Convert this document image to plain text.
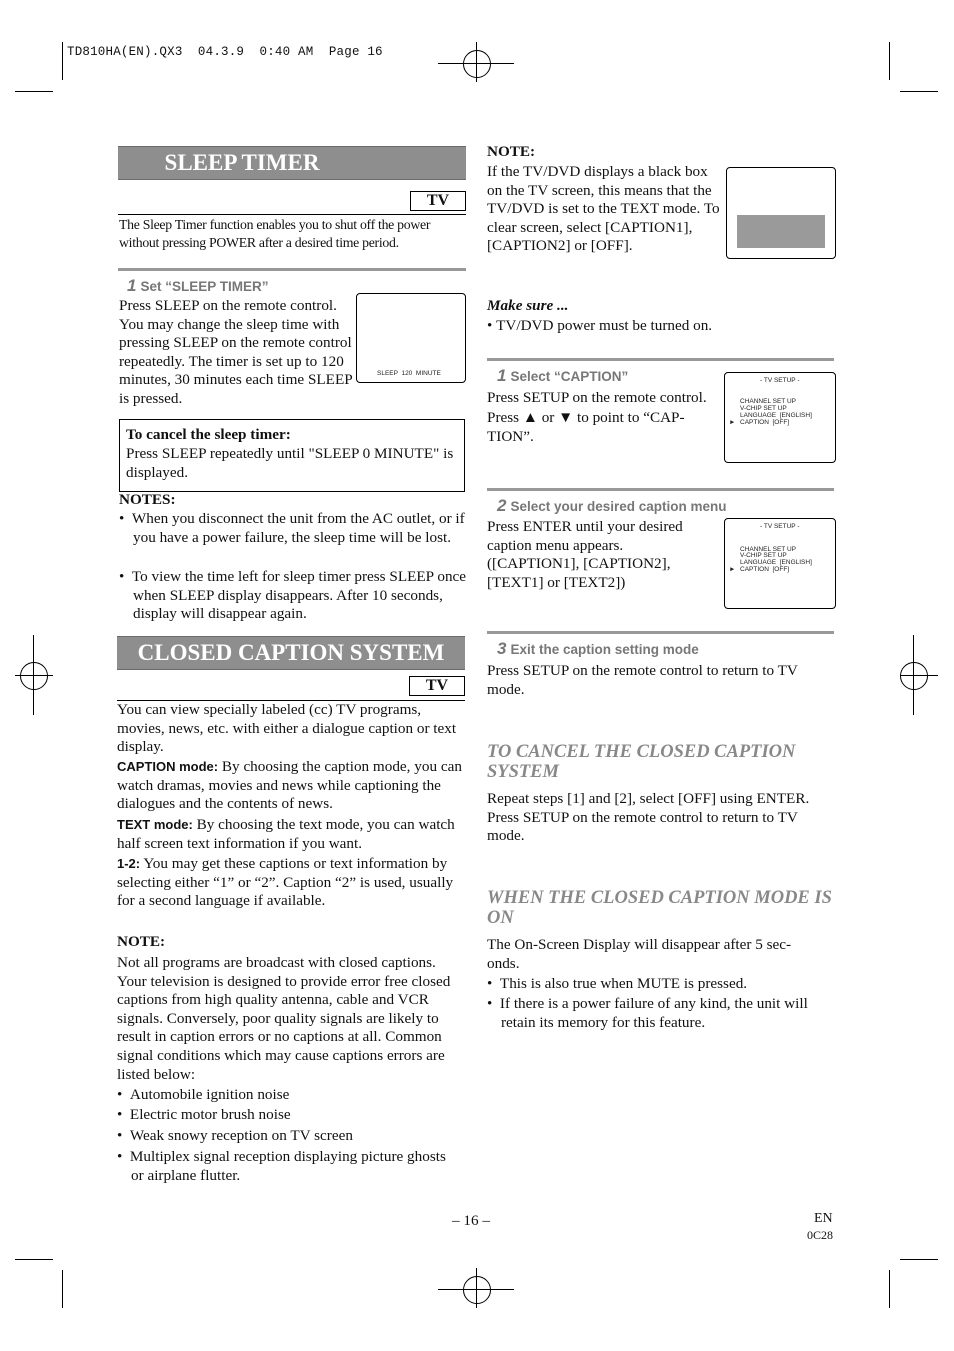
TD810HA(EN).QX3  04.3.9  0:40 AM  Page 16
SLEEP TIMER
TV
The Sleep Timer function enables you to shut off the power without pressing POWER after a desired time period.
1 Set “SLEEP TIMER”
Press SLEEP on the remote control. You may change the sleep time with pressing SLEEP on the remote control repeatedly. The timer is set up to 120 minutes, 30 minutes each time SLEEP is pressed.
SLEEP  120  MINUTE
To cancel the sleep timer:
Press SLEEP repeatedly until "SLEEP 0 MINUTE" is displayed.
NOTES:
•  When you disconnect the unit from the AC outlet, or if you have a power failure, the sleep time will be lost.
•  To view the time left for sleep timer press SLEEP once when SLEEP display disappears. After 10 seconds, display will disappear again.
CLOSED CAPTION SYSTEM
TV
You can view specially labeled (cc) TV programs, movies, news, etc. with either a dialogue caption or text display.
CAPTION mode: By choosing the caption mode, you can watch dramas, movies and news while captioning the dialogues and the contents of news.
TEXT mode: By choosing the text mode, you can watch half screen text information if you want.
1-2: You may get these captions or text information by selecting either “1” or “2”. Caption “2” is used, usually for a second language if available.
NOTE:
Not all programs are broadcast with closed captions. Your television is designed to provide error free closed captions from high quality antenna, cable and VCR signals. Conversely, poor quality signals are likely to result in caption errors or no captions at all. Common signal conditions which may cause captions errors are listed below:
•  Automobile ignition noise
•  Electric motor brush noise
•  Weak snowy reception on TV screen
•  Multiplex signal reception displaying picture ghosts or airplane flutter.
NOTE:
If the TV/DVD displays a black box on the TV screen, this means that the TV/DVD is set to the TEXT mode. To clear screen, select [CAPTION1], [CAPTION2] or [OFF].
Make sure ...
• TV/DVD power must be turned on.
1 Select “CAPTION”
Press SETUP on the remote control.
Press ▲ or ▼ to point to “CAP-TION”.
- TV SETUP -
CHANNEL SET UP
V-CHIP SET UP
LANGUAGE  [ENGLISH]
► CAPTION  [OFF]
2 Select your desired caption menu
Press ENTER until your desired caption menu appears. ([CAPTION1], [CAPTION2], [TEXT1] or [TEXT2])
- TV SETUP -
CHANNEL SET UP
V-CHIP SET UP
LANGUAGE  [ENGLISH]
► CAPTION  [OFF]
3 Exit the caption setting mode
Press SETUP on the remote control to return to TV mode.
TO CANCEL THE CLOSED CAPTION SYSTEM
Repeat steps [1] and [2], select [OFF] using ENTER. Press SETUP on the remote control to return to TV mode.
WHEN THE CLOSED CAPTION MODE IS ON
The On-Screen Display will disappear after 5 sec-onds.
•  This is also true when MUTE is pressed.
•  If there is a power failure of any kind, the unit will retain its memory for this feature.
– 16 –	EN
0C28
